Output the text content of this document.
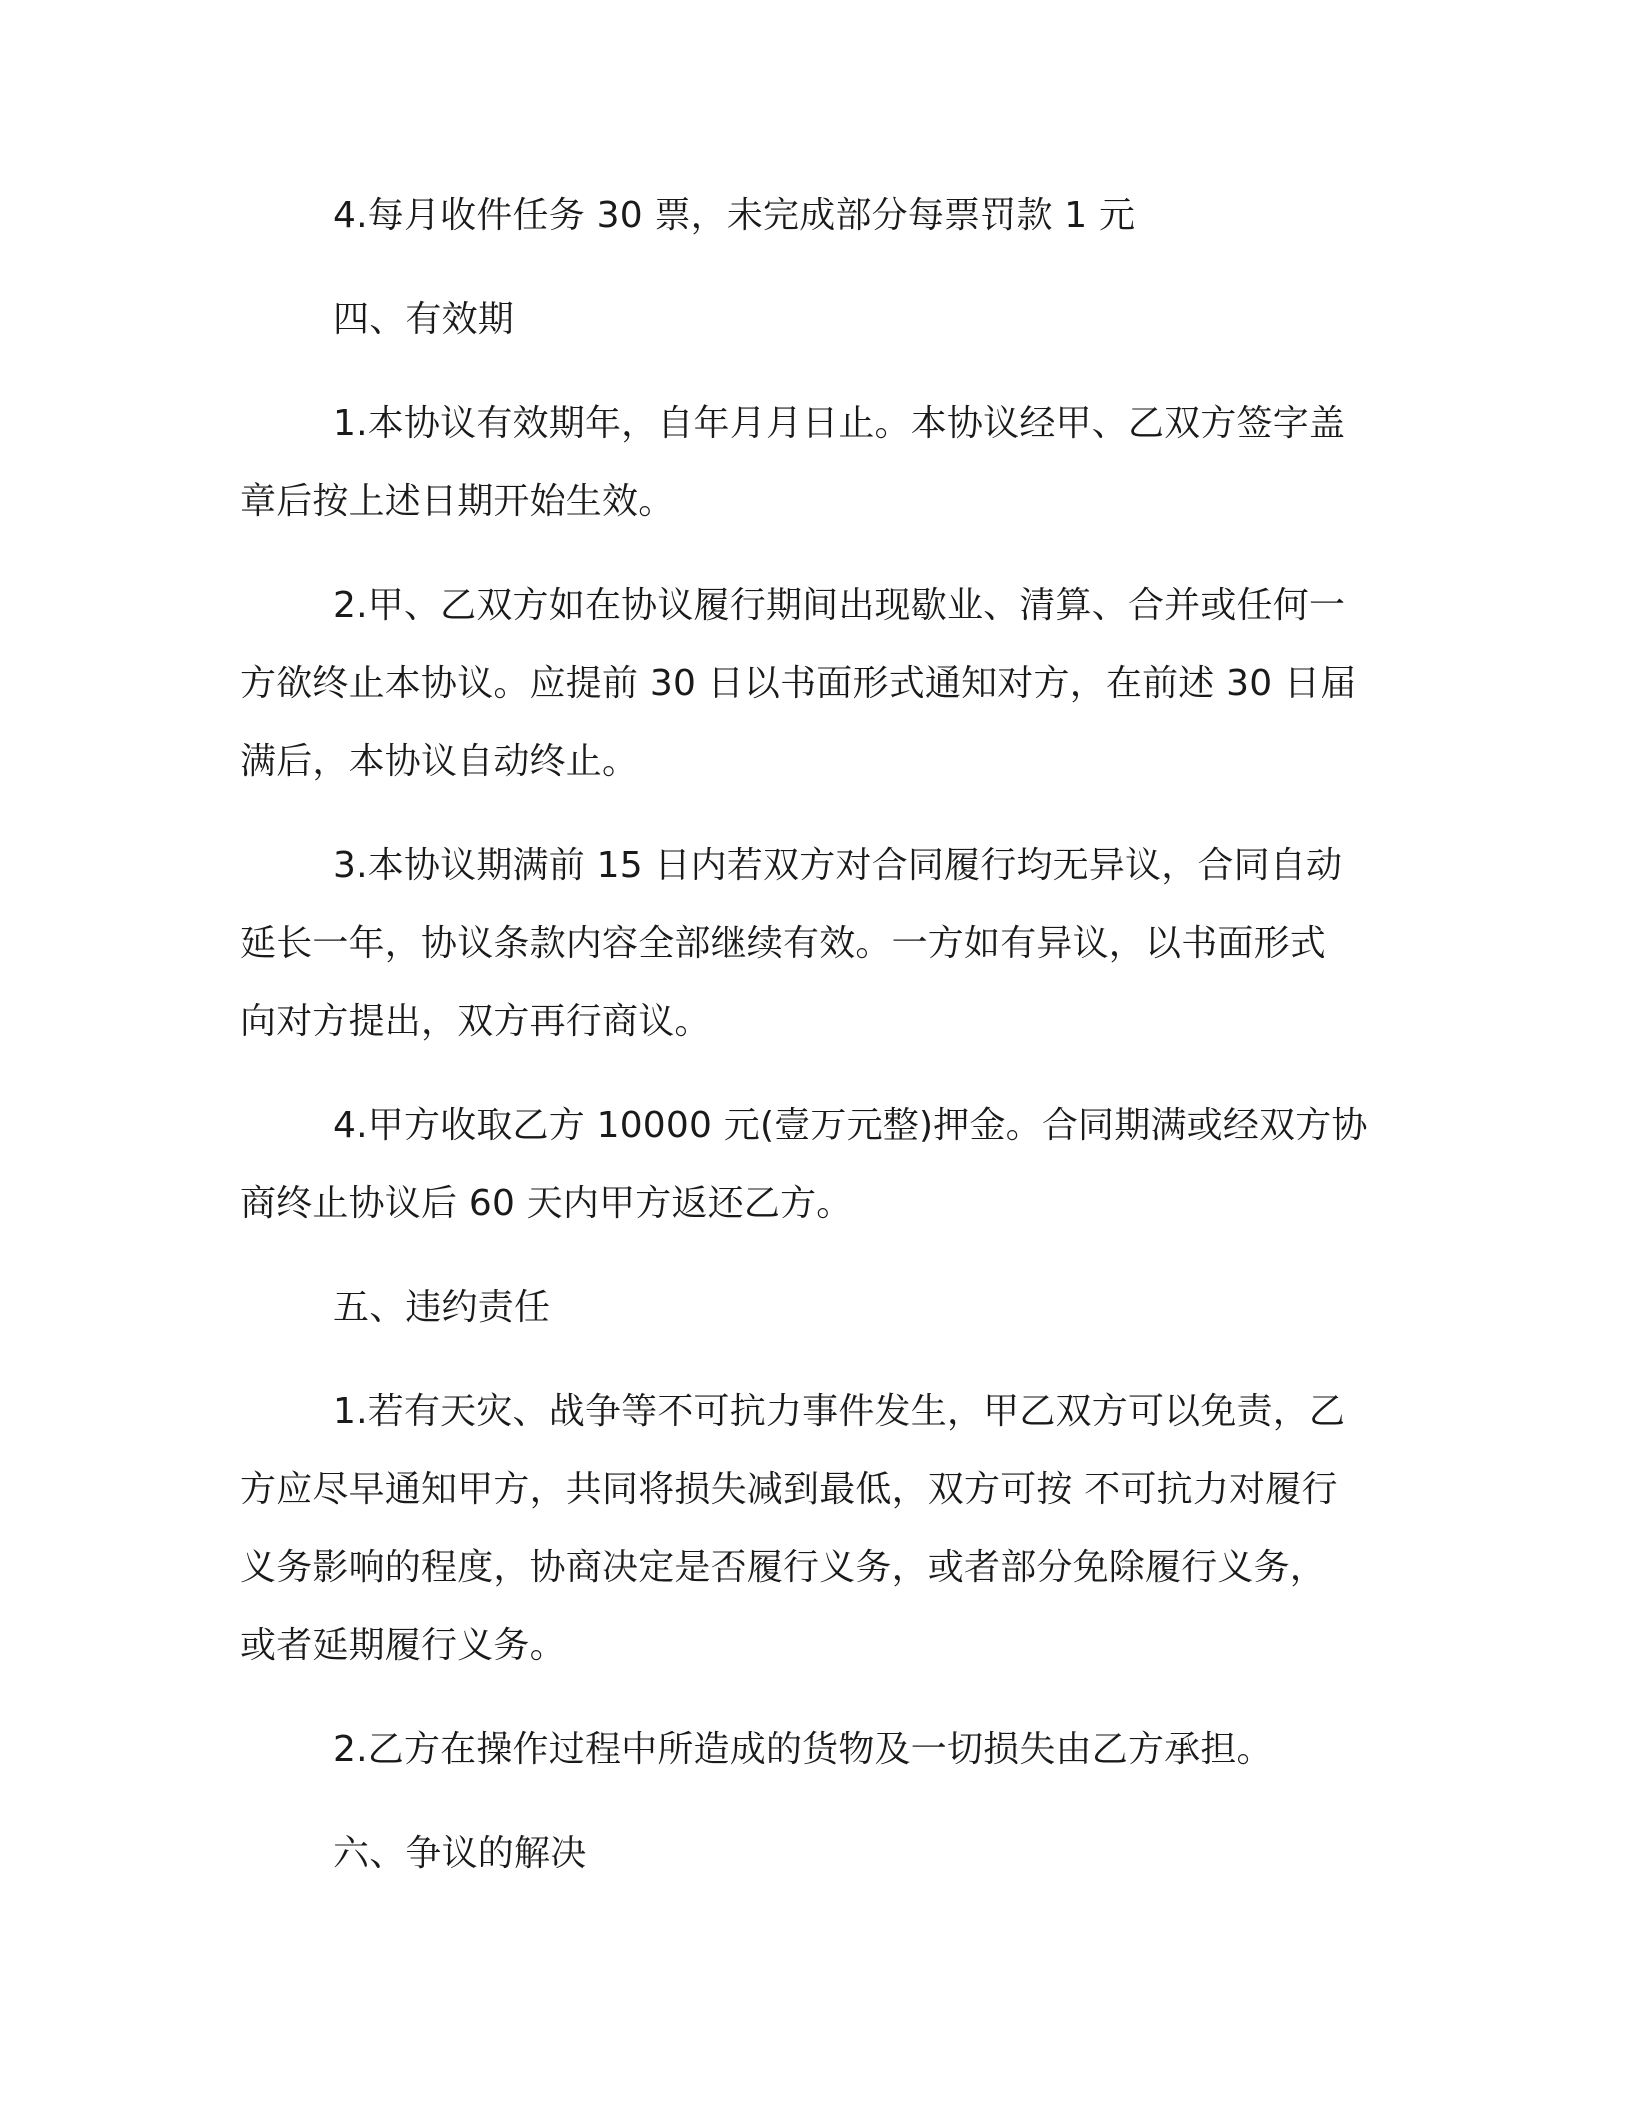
4.每月收件任务 30 票，未完成部分每票罚款 1 元
四、有效期
1.本协议有效期年，自年月月日止。本协议经甲、乙双方签字盖
章后按上述日期开始生效。
2.甲、乙双方如在协议履行期间出现歇业、清算、合并或任何一
方欲终止本协议。应提前 30 日以书面形式通知对方，在前述 30 日届
满后，本协议自动终止。
3.本协议期满前 15 日内若双方对合同履行均无异议，合同自动
延长一年，协议条款内容全部继续有效。一方如有异议，以书面形式
向对方提出，双方再行商议。
4.甲方收取乙方 10000 元(壹万元整)押金。合同期满或经双方协
商终止协议后 60 天内甲方返还乙方。
五、违约责任
1.若有天灾、战争等不可抗力事件发生，甲乙双方可以免责，乙
方应尽早通知甲方，共同将损失减到最低，双方可按 不可抗力对履行
义务影响的程度，协商决定是否履行义务，或者部分免除履行义务，
或者延期履行义务。
2.乙方在操作过程中所造成的货物及一切损失由乙方承担。
六、争议的解决
